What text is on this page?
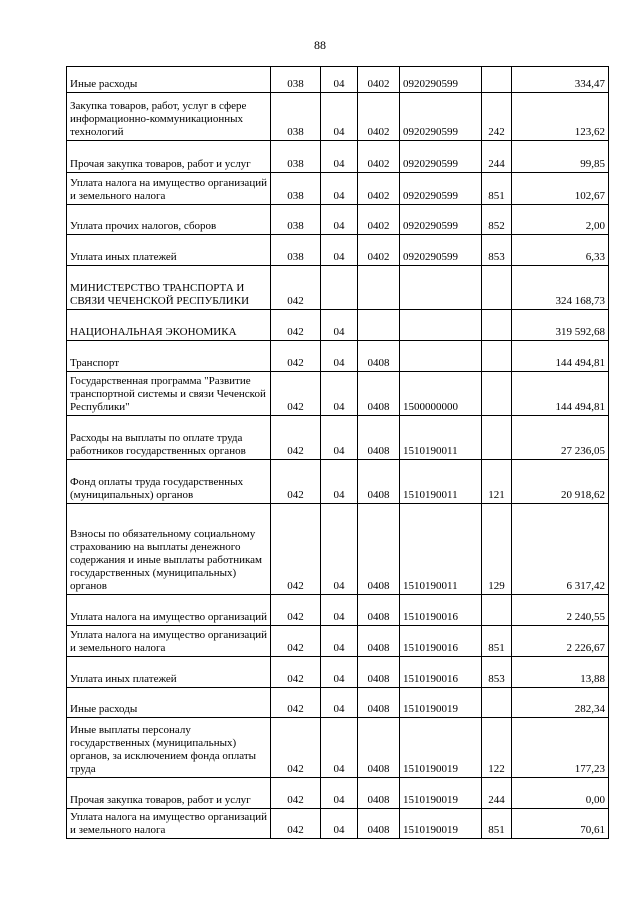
88
Иные расходы	038	04	0402	0920290599		334,47
Закупка товаров, работ, услуг в сфере информационно-коммуникационных технологий	038	04	0402	0920290599	242	123,62
Прочая закупка товаров, работ и услуг	038	04	0402	0920290599	244	99,85
Уплата налога на имущество организаций и земельного налога	038	04	0402	0920290599	851	102,67
Уплата прочих налогов, сборов	038	04	0402	0920290599	852	2,00
Уплата иных платежей	038	04	0402	0920290599	853	6,33
МИНИСТЕРСТВО ТРАНСПОРТА И СВЯЗИ ЧЕЧЕНСКОЙ РЕСПУБЛИКИ	042					324 168,73
НАЦИОНАЛЬНАЯ ЭКОНОМИКА	042	04				319 592,68
Транспорт	042	04	0408			144 494,81
Государственная программа "Развитие транспортной системы и связи Чеченской Республики"	042	04	0408	1500000000		144 494,81
Расходы на выплаты по оплате труда работников государственных органов	042	04	0408	1510190011		27 236,05
Фонд оплаты труда государственных (муниципальных) органов	042	04	0408	1510190011	121	20 918,62
Взносы по обязательному социальному страхованию на выплаты денежного содержания и иные выплаты работникам государственных (муниципальных) органов	042	04	0408	1510190011	129	6 317,42
Уплата налога на имущество организаций	042	04	0408	1510190016		2 240,55
Уплата налога на имущество организаций и земельного налога	042	04	0408	1510190016	851	2 226,67
Уплата иных платежей	042	04	0408	1510190016	853	13,88
Иные расходы	042	04	0408	1510190019		282,34
Иные выплаты персоналу государственных (муниципальных) органов, за исключением фонда оплаты труда	042	04	0408	1510190019	122	177,23
Прочая закупка товаров, работ и услуг	042	04	0408	1510190019	244	0,00
Уплата налога на имущество организаций и земельного налога	042	04	0408	1510190019	851	70,61
